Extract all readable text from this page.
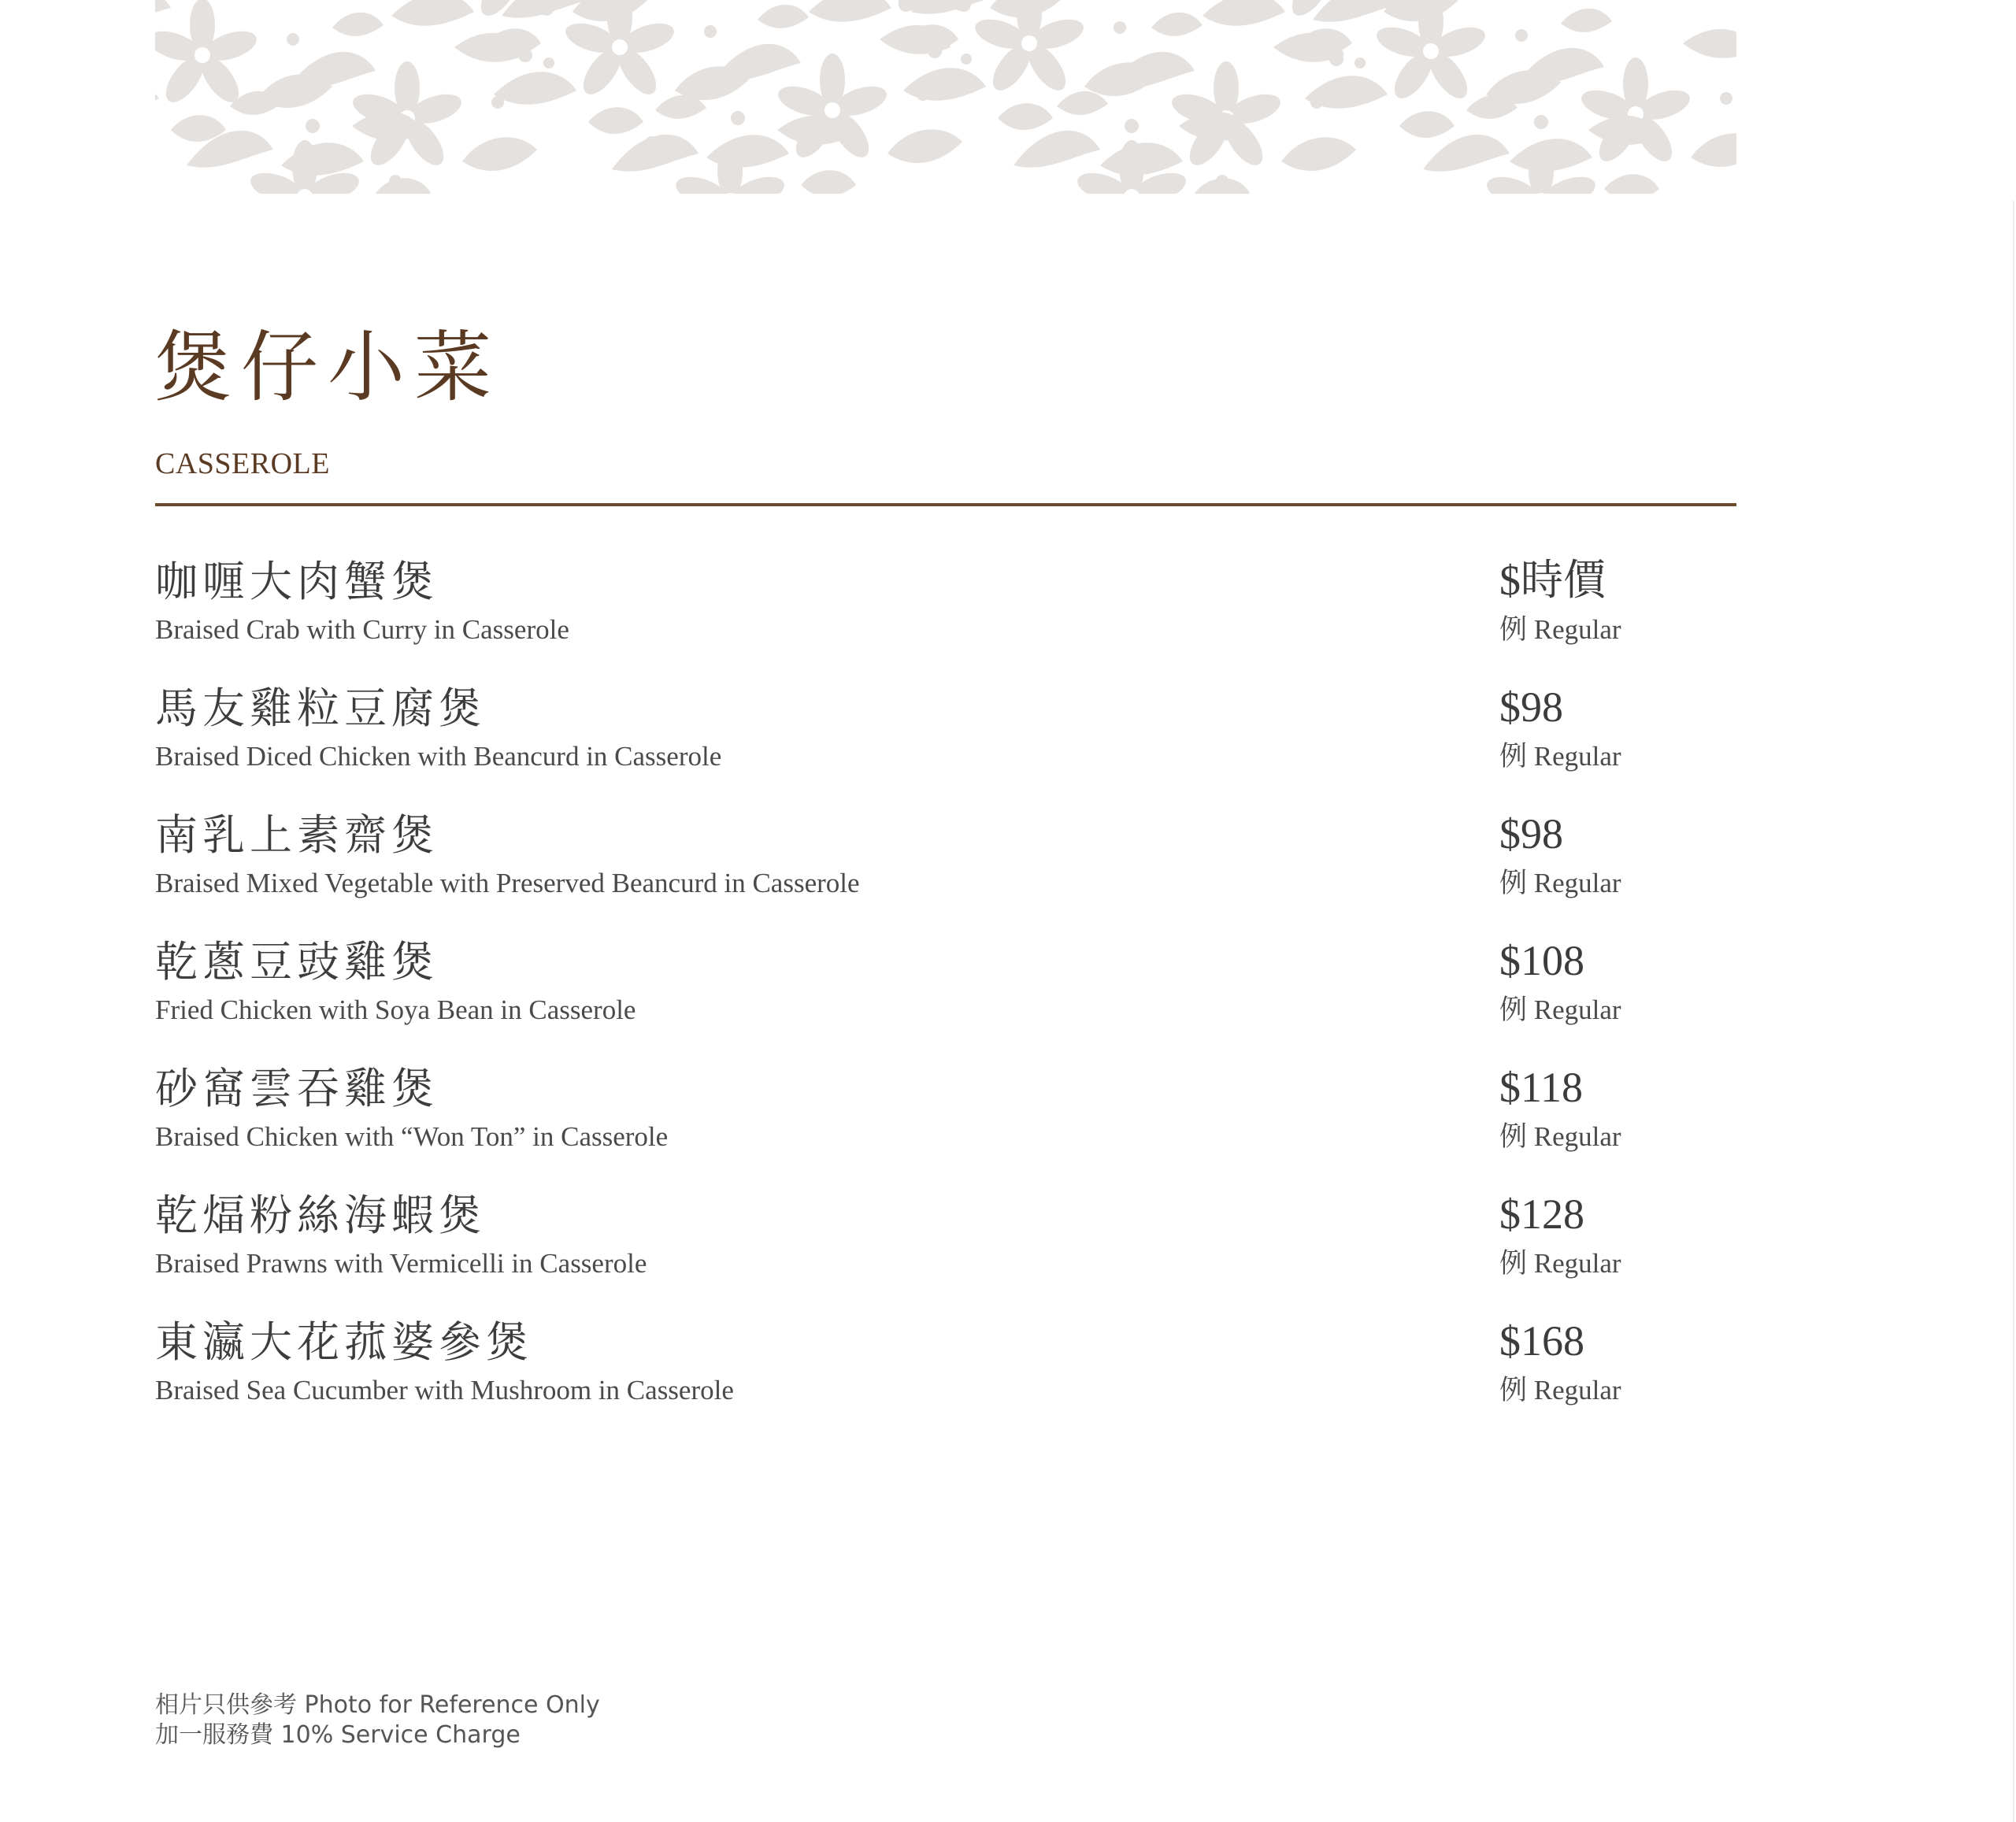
煲仔小菜
CASSEROLE
咖喱大肉蟹煲
Braised Crab with Curry in Casserole
$時價
例 Regular
馬友雞粒豆腐煲
Braised Diced Chicken with Beancurd in Casserole
$98
例 Regular
南乳上素齋煲
Braised Mixed Vegetable with Preserved Beancurd in Casserole
$98
例 Regular
乾蔥豆豉雞煲
Fried Chicken with Soya Bean in Casserole
$108
例 Regular
砂窩雲吞雞煲
Braised Chicken with “Won Ton” in Casserole
$118
例 Regular
乾煏粉絲海蝦煲
Braised Prawns with Vermicelli in Casserole
$128
例 Regular
東瀛大花菰婆參煲
Braised Sea Cucumber with Mushroom in Casserole
$168
例 Regular
相片只供參考 Photo for Reference Only
加一服務費 10% Service Charge
